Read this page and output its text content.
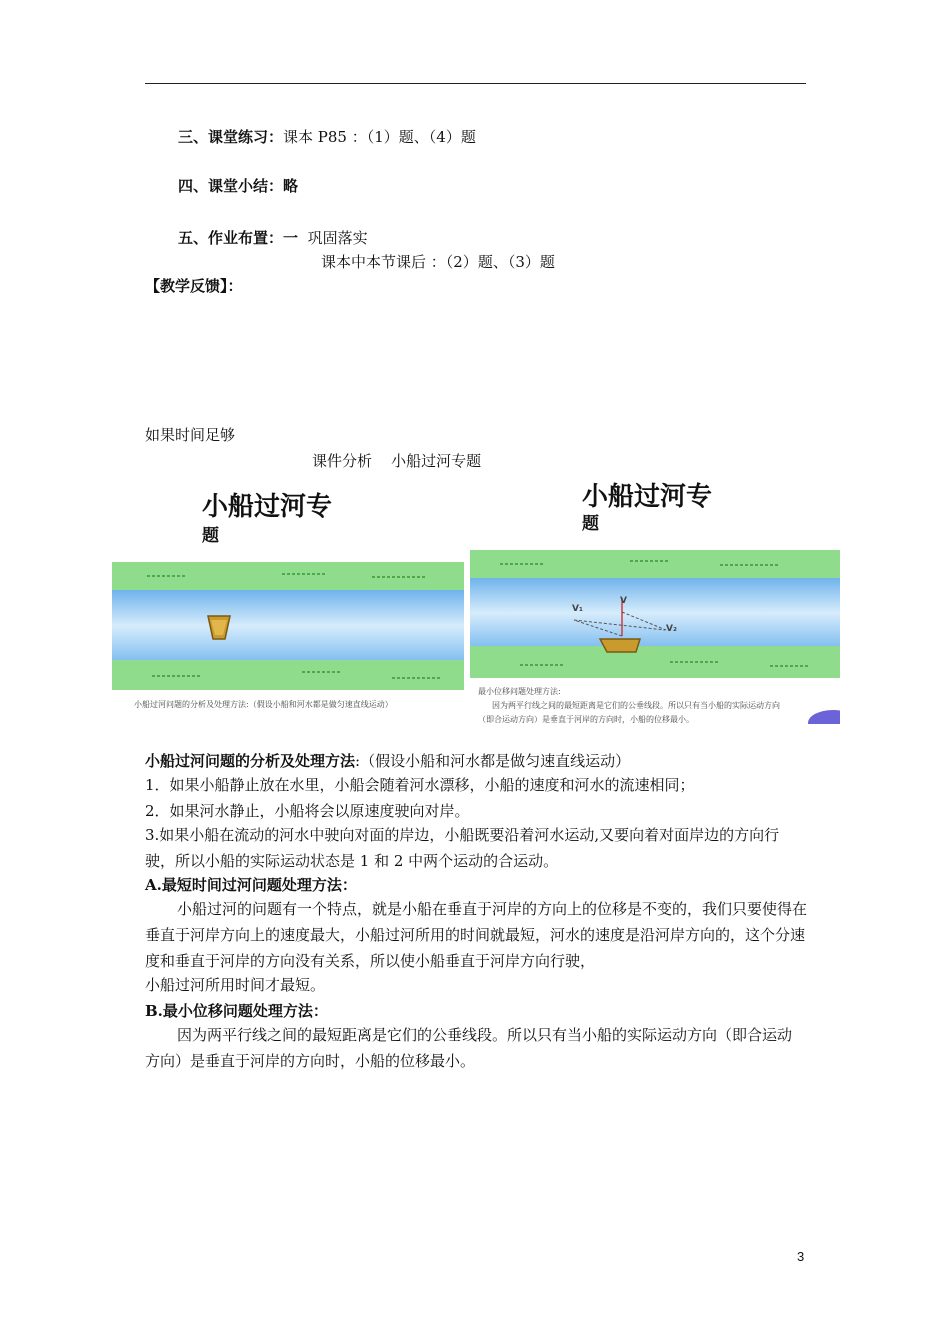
三、课堂练习：课本 P85 ：（1）题、（4）题
四、课堂小结：略
五、作业布置：一 巩固落实
课本中本节课后 ：（2）题、（3）题
【教学反馈】：
如果时间足够
课件分析    小船过河专题
小船过河专
题
小船过河问题的分析及处理方法:（假设小船和河水都是做匀速直线运动）
小船过河专
题
V₁
V
V₂
最小位移问题处理方法:
因为两平行线之间的最短距离是它们的公垂线段。所以只有当小船的实际运动方向
（即合运动方向）是垂直于河岸的方向时，小船的位移最小。
小船过河问题的分析及处理方法:（假设小船和河水都是做匀速直线运动）
1．如果小船静止放在水里，小船会随着河水漂移，小船的速度和河水的流速相同；
2．如果河水静止，小船将会以原速度驶向对岸。
3.如果小船在流动的河水中驶向对面的岸边，小船既要沿着河水运动,又要向着对面岸边的方向行驶，所以小船的实际运动状态是 1 和 2 中两个运动的合运动。
A.最短时间过河问题处理方法：
小船过河的问题有一个特点，就是小船在垂直于河岸的方向上的位移是不变的，我们只要使得在垂直于河岸方向上的速度最大，小船过河所用的时间就最短，河水的速度是沿河岸方向的，这个分速度和垂直于河岸的方向没有关系，所以使小船垂直于河岸方向行驶，
小船过河所用时间才最短。
B.最小位移问题处理方法：
因为两平行线之间的最短距离是它们的公垂线段。所以只有当小船的实际运动方向（即合运动方向）是垂直于河岸的方向时，小船的位移最小。
3
